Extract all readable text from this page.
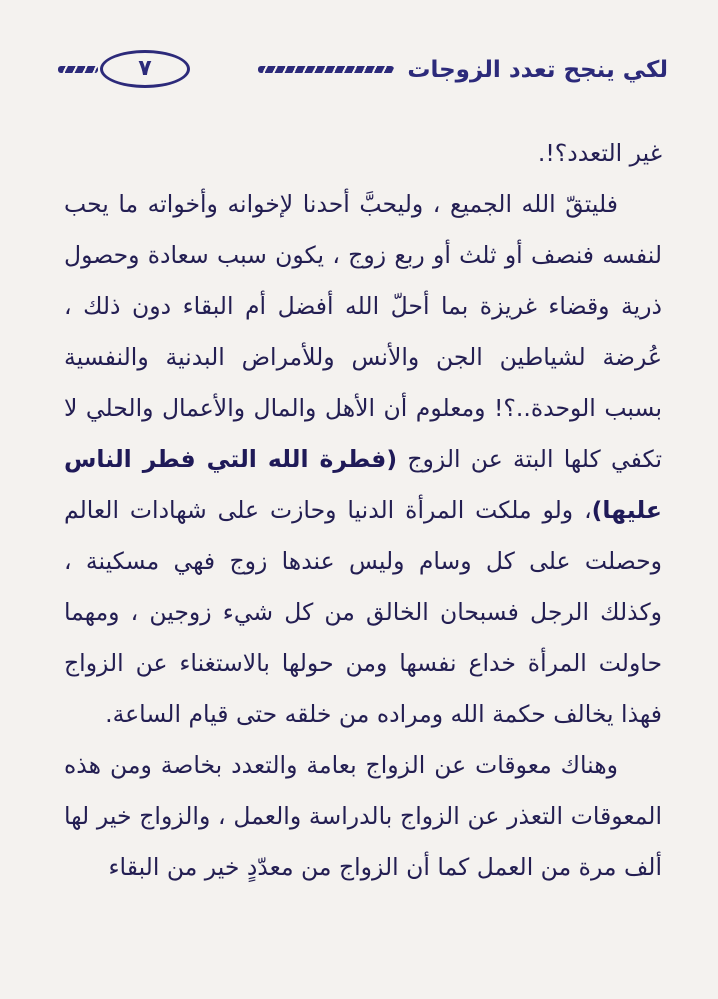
٧	لكي ينجح تعدد الزوجات

غير التعدد؟!.

فليتقّ الله الجميع ، وليحبَّ أحدنا لإخوانه وأخواته ما يحب لنفسه فنصف أو ثلث أو ربع زوج ، يكون سبب سعادة وحصول ذرية وقضاء غريزة بما أحلّ الله أفضل أم البقاء دون ذلك ، عُرضة لشياطين الجن والأنس وللأمراض البدنية والنفسية بسبب الوحدة..؟! ومعلوم أن الأهل والمال والأعمال والحلي لا تكفي كلها البتة عن الزوج (فطرة الله التي فطر الناس عليها)، ولو ملكت المرأة الدنيا وحازت على شهادات العالم وحصلت على كل وسام وليس عندها زوج فهي مسكينة ، وكذلك الرجل فسبحان الخالق من كل شيء زوجين ، ومهما حاولت المرأة خداع نفسها ومن حولها بالاستغناء عن الزواج فهذا يخالف حكمة الله ومراده من خلقه حتى قيام الساعة.

وهناك معوقات عن الزواج بعامة والتعدد بخاصة ومن هذه المعوقات التعذر عن الزواج بالدراسة والعمل ، والزواج خير لها ألف مرة من العمل كما أن الزواج من معدّدٍ خير من البقاء
